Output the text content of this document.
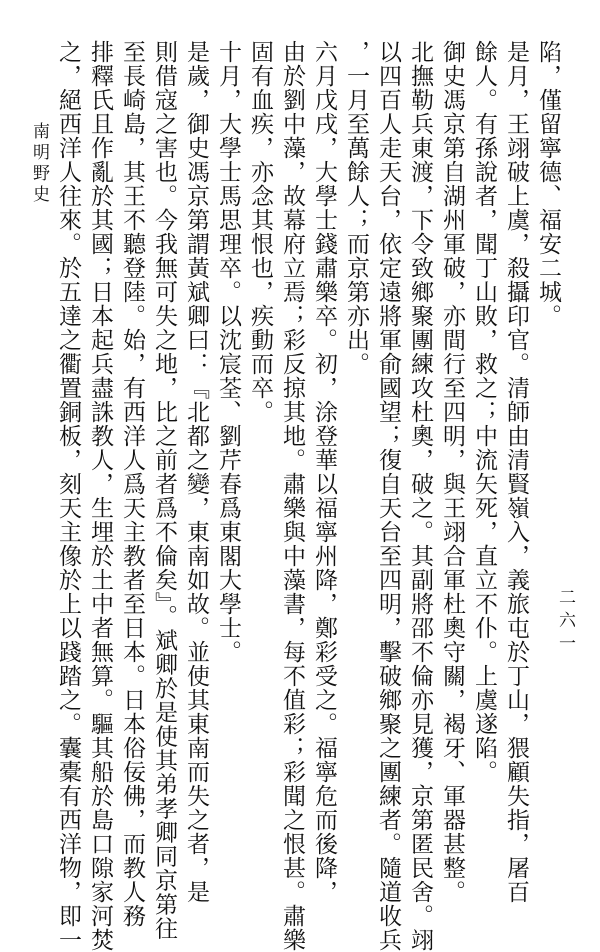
陷，僅留寧德、福安二城。
是月，王翊破上虞，殺攝印官。清師由清賢嶺入，義旅屯於丁山，猥顧失指，屠百
餘人。有孫說者，聞丁山敗，救之；中流矢死，直立不仆。上虞遂陷。
御史馮京第自湖州軍破，亦間行至四明，與王翊合軍杜奧守關，褐牙、軍器甚整。
北撫勒兵東渡，下令致鄉聚團練攻杜奧，破之。其副將邵不倫亦見獲，京第匿民舍。翊
以四百人走天台，依定遠將軍俞國望；復自天台至四明，擊破鄉聚之團練者。隨道收兵
，一月至萬餘人；而京第亦出。
六月戊戌，大學士錢肅樂卒。初，涂登華以福寧州降，鄭彩受之。福寧危而後降，
由於劉中藻，故幕府立焉；彩反掠其地。肅樂與中藻書，每不值彩；彩聞之恨甚。肅樂
固有血疾，亦念其恨也，疾動而卒。
十月，大學士馬思理卒。以沈宸荃、劉芹春爲東閣大學士。
是歲，御史馮京第謂黃斌卿曰：『北都之變，東南如故。並使其東南而失之者，是
則借寇之害也。今我無可失之地，比之前者爲不倫矣』。斌卿於是使其弟孝卿同京第往
至長崎島，其王不聽登陸。始，有西洋人爲天主教者至日本。日本俗佞佛，而教人務
排釋氏且作亂於其國；日本起兵盡誅教人，生埋於土中者無算。驅其船於島口隙家河焚
之，絕西洋人往來。於五達之衢置銅板，刻天主像於上以踐踏之。囊橐有西洋物，即一
南明野史
二六一
